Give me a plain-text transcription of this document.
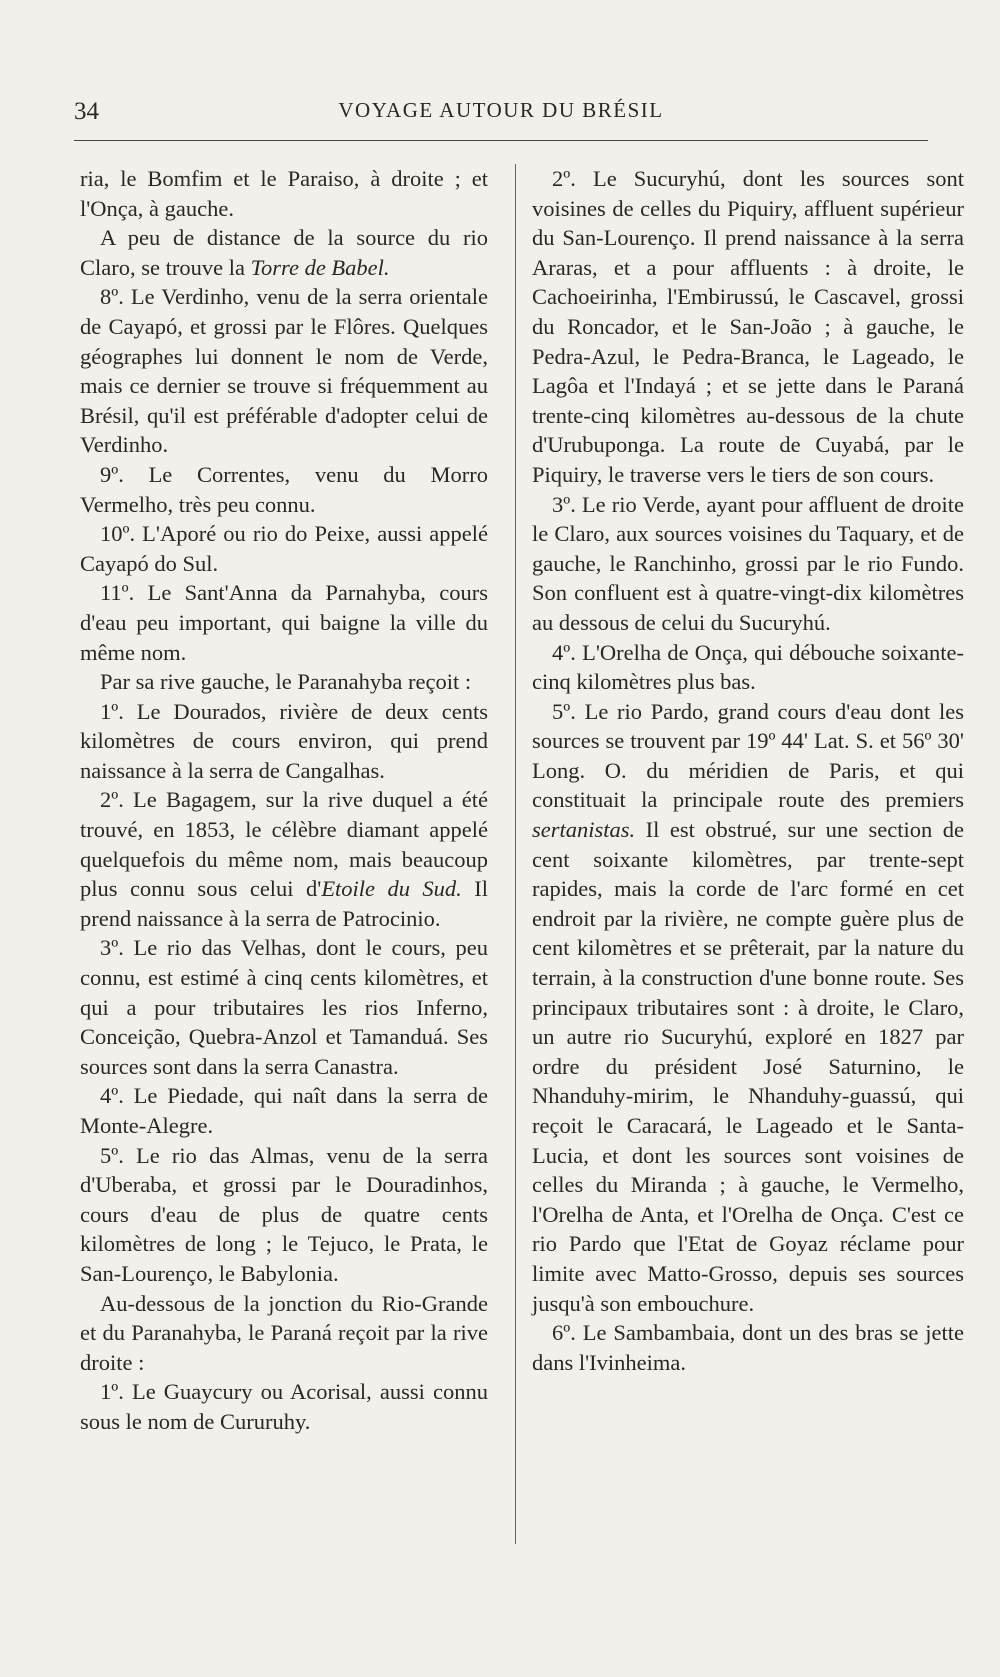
34	VOYAGE AUTOUR DU BRÉSIL

ria, le Bomfim et le Paraiso, à droite ; et l'Onça, à gauche.

A peu de distance de la source du rio Claro, se trouve la Torre de Babel.

8º. Le Verdinho, venu de la serra orientale de Cayapó, et grossi par le Flôres. Quelques géographes lui donnent le nom de Verde, mais ce dernier se trouve si fréquemment au Brésil, qu'il est préférable d'adopter celui de Verdinho.

9º. Le Correntes, venu du Morro Vermelho, très peu connu.

10º. L'Aporé ou rio do Peixe, aussi appelé Cayapó do Sul.

11º. Le Sant'Anna da Parnahyba, cours d'eau peu important, qui baigne la ville du même nom.

Par sa rive gauche, le Paranahyba reçoit :

1º. Le Dourados, rivière de deux cents kilomètres de cours environ, qui prend naissance à la serra de Cangalhas.

2º. Le Bagagem, sur la rive duquel a été trouvé, en 1853, le célèbre diamant appelé quelquefois du même nom, mais beaucoup plus connu sous celui d'Etoile du Sud. Il prend naissance à la serra de Patrocinio.

3º. Le rio das Velhas, dont le cours, peu connu, est estimé à cinq cents kilomètres, et qui a pour tributaires les rios Inferno, Conceição, Quebra-Anzol et Tamanduá. Ses sources sont dans la serra Canastra.

4º. Le Piedade, qui naît dans la serra de Monte-Alegre.

5º. Le rio das Almas, venu de la serra d'Uberaba, et grossi par le Douradinhos, cours d'eau de plus de quatre cents kilomètres de long ; le Tejuco, le Prata, le San-Lourenço, le Babylonia.

Au-dessous de la jonction du Rio-Grande et du Paranahyba, le Paraná reçoit par la rive droite :

1º. Le Guaycury ou Acorisal, aussi connu sous le nom de Cururuhy.

2º. Le Sucuryhú, dont les sources sont voisines de celles du Piquiry, affluent supérieur du San-Lourenço. Il prend naissance à la serra Araras, et a pour affluents : à droite, le Cachoeirinha, l'Embirussú, le Cascavel, grossi du Roncador, et le San-João ; à gauche, le Pedra-Azul, le Pedra-Branca, le Lageado, le Lagôa et l'Indayá ; et se jette dans le Paraná trente-cinq kilomètres au-dessous de la chute d'Urubuponga. La route de Cuyabá, par le Piquiry, le traverse vers le tiers de son cours.

3º. Le rio Verde, ayant pour affluent de droite le Claro, aux sources voisines du Taquary, et de gauche, le Ranchinho, grossi par le rio Fundo. Son confluent est à quatre-vingt-dix kilomètres au dessous de celui du Sucuryhú.

4º. L'Orelha de Onça, qui débouche soixante-cinq kilomètres plus bas.

5º. Le rio Pardo, grand cours d'eau dont les sources se trouvent par 19º 44' Lat. S. et 56º 30' Long. O. du méridien de Paris, et qui constituait la principale route des premiers sertanistas. Il est obstrué, sur une section de cent soixante kilomètres, par trente-sept rapides, mais la corde de l'arc formé en cet endroit par la rivière, ne compte guère plus de cent kilomètres et se prêterait, par la nature du terrain, à la construction d'une bonne route. Ses principaux tributaires sont : à droite, le Claro, un autre rio Sucuryhú, exploré en 1827 par ordre du président José Saturnino, le Nhanduhy-mirim, le Nhanduhy-guassú, qui reçoit le Caracará, le Lageado et le Santa-Lucia, et dont les sources sont voisines de celles du Miranda ; à gauche, le Vermelho, l'Orelha de Anta, et l'Orelha de Onça. C'est ce rio Pardo que l'Etat de Goyaz réclame pour limite avec Matto-Grosso, depuis ses sources jusqu'à son embouchure.

6º. Le Sambambaia, dont un des bras se jette dans l'Ivinheima.
